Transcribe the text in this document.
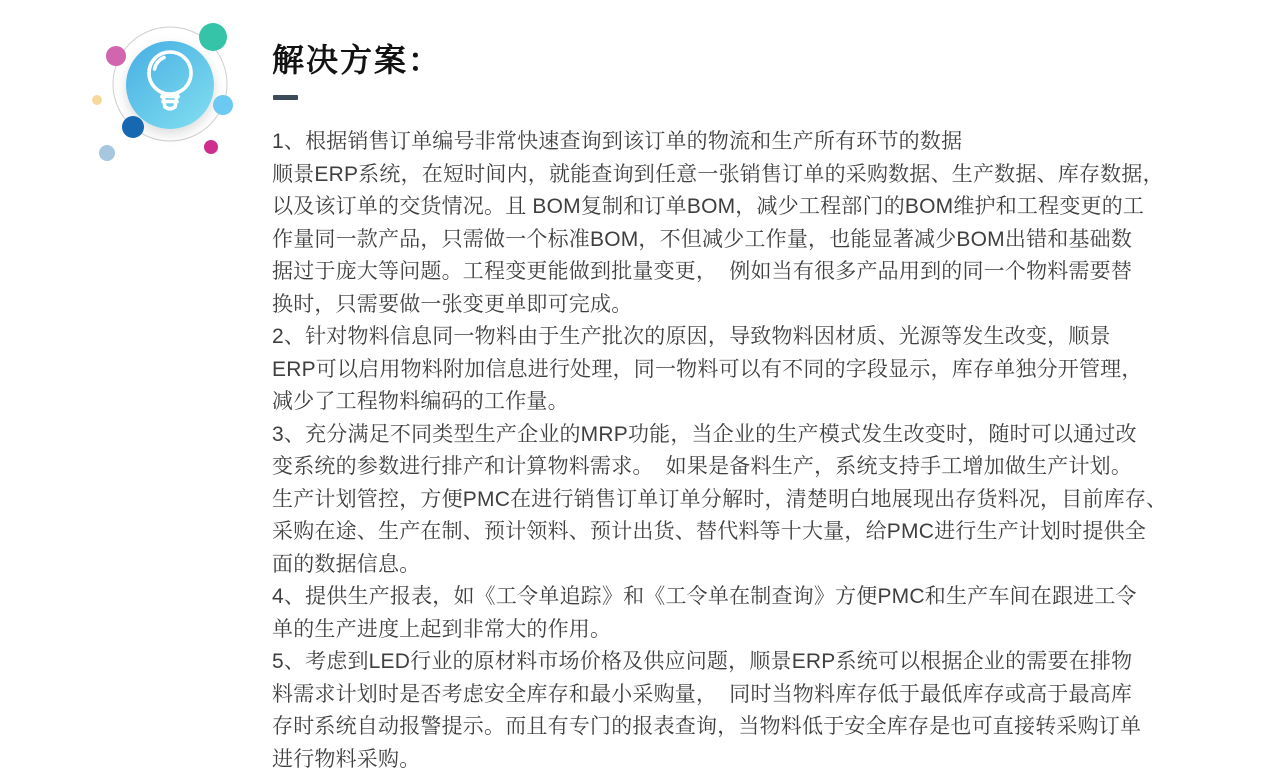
解决方案：
1、根据销售订单编号非常快速查询到该订单的物流和生产所有环节的数据
顺景ERP系统，在短时间内，就能查询到任意一张销售订单的采购数据、生产数据、库存数据，
以及该订单的交货情况。且 BOM复制和订单BOM，减少工程部门的BOM维护和工程变更的工
作量同一款产品，只需做一个标准BOM，不但减少工作量，也能显著减少BOM出错和基础数
据过于庞大等问题。工程变更能做到批量变更，  例如当有很多产品用到的同一个物料需要替
换时，只需要做一张变更单即可完成。
2、针对物料信息同一物料由于生产批次的原因，导致物料因材质、光源等发生改变，顺景
ERP可以启用物料附加信息进行处理，同一物料可以有不同的字段显示，库存单独分开管理，
减少了工程物料编码的工作量。
3、充分满足不同类型生产企业的MRP功能，当企业的生产模式发生改变时，随时可以通过改
变系统的参数进行排产和计算物料需求。  如果是备料生产，系统支持手工增加做生产计划。
生产计划管控，方便PMC在进行销售订单订单分解时，清楚明白地展现出存货料况，目前库存、
采购在途、生产在制、预计领料、预计出货、替代料等十大量，给PMC进行生产计划时提供全
面的数据信息。
4、提供生产报表，如《工令单追踪》和《工令单在制查询》方便PMC和生产车间在跟进工令
单的生产进度上起到非常大的作用。
5、考虑到LED行业的原材料市场价格及供应问题，顺景ERP系统可以根据企业的需要在排物
料需求计划时是否考虑安全库存和最小采购量，  同时当物料库存低于最低库存或高于最高库
存时系统自动报警提示。而且有专门的报表查询，当物料低于安全库存是也可直接转采购订单
进行物料采购。
